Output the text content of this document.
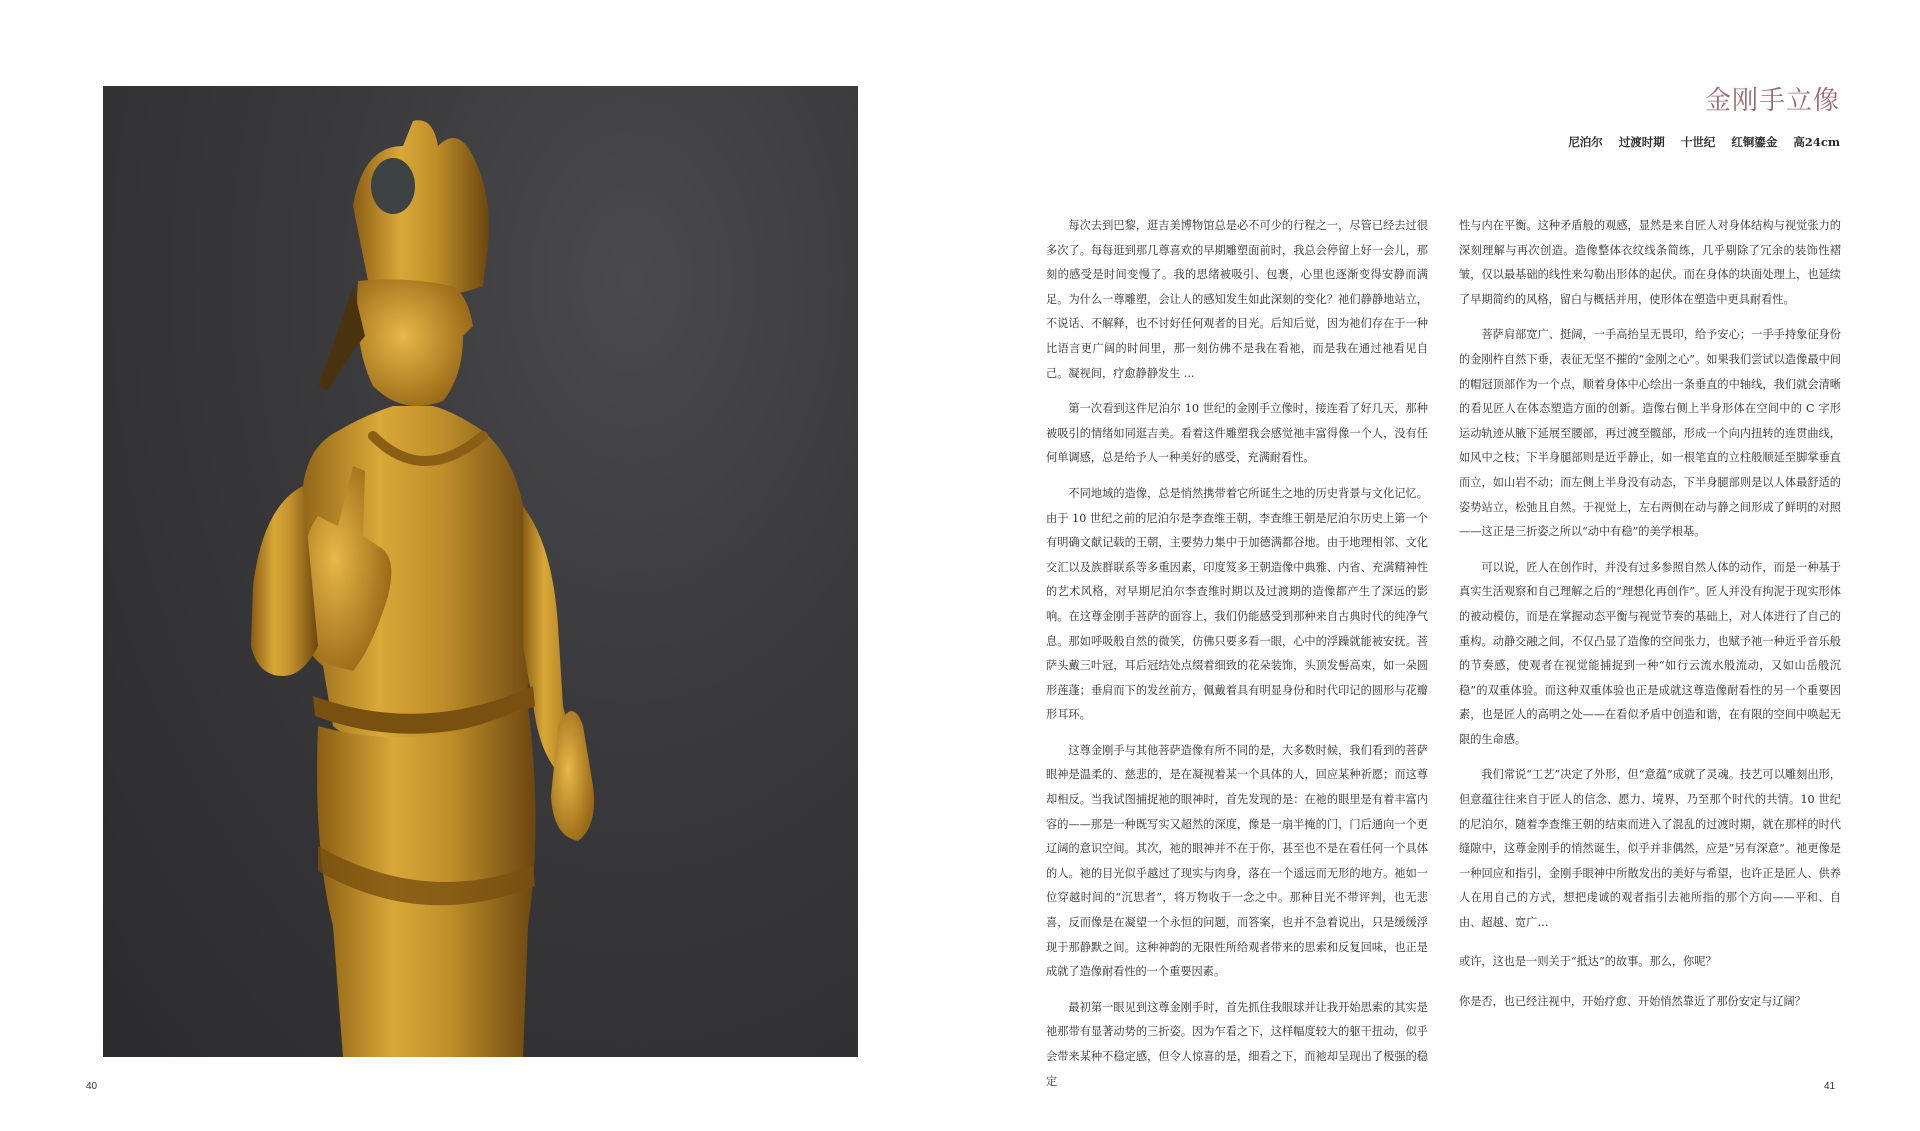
40	41
金刚手立像
尼泊尔 过渡时期 十世纪 红铜鎏金 高24cm

每次去到巴黎，逛吉美博物馆总是必不可少的行程之一，尽管已经去过很多次了。每每逛到那几尊喜欢的早期雕塑面前时，我总会停留上好一会儿，那刻的感受是时间变慢了。我的思绪被吸引、包裹，心里也逐渐变得安静而满足。为什么一尊雕塑，会让人的感知发生如此深刻的变化？祂们静静地站立，不说话、不解释，也不讨好任何观者的目光。后知后觉，因为祂们存在于一种比语言更广阔的时间里，那一刻仿佛不是我在看祂，而是我在通过祂看见自己。凝视间，疗愈静静发生 ...

第一次看到这件尼泊尔 10 世纪的金刚手立像时，接连看了好几天，那种被吸引的情绪如同逛吉美。看着这件雕塑我会感觉祂丰富得像一个人，没有任何单调感，总是给予人一种美好的感受，充满耐看性。

不同地域的造像，总是悄然携带着它所诞生之地的历史背景与文化记忆。由于 10 世纪之前的尼泊尔是李查维王朝，李查维王朝是尼泊尔历史上第一个有明确文献记载的王朝，主要势力集中于加德满都谷地。由于地理相邻、文化交汇以及族群联系等多重因素，印度笈多王朝造像中典雅、内省、充满精神性的艺术风格，对早期尼泊尔李查维时期以及过渡期的造像都产生了深远的影响。在这尊金刚手菩萨的面容上，我们仍能感受到那种来自古典时代的纯净气息。那如呼吸般自然的微笑，仿佛只要多看一眼，心中的浮躁就能被安抚。菩萨头戴三叶冠，耳后冠结处点缀着细致的花朵装饰，头顶发髻高束，如一朵圆形莲蓬；垂肩而下的发丝前方，佩戴着具有明显身份和时代印记的圆形与花瓣形耳环。

这尊金刚手与其他菩萨造像有所不同的是，大多数时候，我们看到的菩萨眼神是温柔的、慈悲的，是在凝视着某一个具体的人，回应某种祈愿；而这尊却相反。当我试图捕捉祂的眼神时，首先发现的是：在祂的眼里是有着丰富内容的——那是一种既写实又超然的深度，像是一扇半掩的门，门后通向一个更辽阔的意识空间。其次，祂的眼神并不在于你，甚至也不是在看任何一个具体的人。祂的目光似乎越过了现实与肉身，落在一个遥远而无形的地方。祂如一位穿越时间的“沉思者”，将万物收于一念之中。那种目光不带评判，也无悲喜，反而像是在凝望一个永恒的问题，而答案，也并不急着说出，只是缓缓浮现于那静默之间。这种神韵的无限性所给观者带来的思索和反复回味，也正是成就了造像耐看性的一个重要因素。

最初第一眼见到这尊金刚手时，首先抓住我眼球并让我开始思索的其实是祂那带有显著动势的三折姿。因为乍看之下，这样幅度较大的躯干扭动，似乎会带来某种不稳定感，但令人惊喜的是，细看之下，而祂却呈现出了极强的稳定

性与内在平衡。这种矛盾般的观感，显然是来自匠人对身体结构与视觉张力的深刻理解与再次创造。造像整体衣纹线条简练，几乎剔除了冗余的装饰性褶皱，仅以最基础的线性来勾勒出形体的起伏。而在身体的块面处理上，也延续了早期简约的风格，留白与概括并用，使形体在塑造中更具耐看性。

菩萨肩部宽广、挺阔，一手高抬呈无畏印，给予安心；一手手持象征身份的金刚杵自然下垂，表征无坚不摧的“金刚之心”。如果我们尝试以造像最中间的帽冠顶部作为一个点，顺着身体中心绘出一条垂直的中轴线，我们就会清晰的看见匠人在体态塑造方面的创新。造像右侧上半身形体在空间中的 C 字形运动轨迹从腋下延展至腰部，再过渡至髋部，形成一个向内扭转的连贯曲线，如风中之枝；下半身腿部则是近乎静止，如一根笔直的立柱般顺延至脚掌垂直而立，如山岩不动；而左侧上半身没有动态，下半身腿部则是以人体最舒适的姿势站立，松弛且自然。于视觉上，左右两侧在动与静之间形成了鲜明的对照——这正是三折姿之所以“动中有稳”的美学根基。

可以说，匠人在创作时，并没有过多参照自然人体的动作，而是一种基于真实生活观察和自己理解之后的“理想化再创作”。匠人并没有拘泥于现实形体的被动模仿，而是在掌握动态平衡与视觉节奏的基础上，对人体进行了自己的重构。动静交融之间，不仅凸显了造像的空间张力，也赋予祂一种近乎音乐般的节奏感，使观者在视觉能捕捉到一种“如行云流水般流动，又如山岳般沉稳”的双重体验。而这种双重体验也正是成就这尊造像耐看性的另一个重要因素，也是匠人的高明之处——在看似矛盾中创造和谐，在有限的空间中唤起无限的生命感。

我们常说“工艺”决定了外形，但“意蕴”成就了灵魂。技艺可以雕刻出形，但意蕴往往来自于匠人的信念、愿力、境界，乃至那个时代的共情。10 世纪的尼泊尔，随着李查维王朝的结束而进入了混乱的过渡时期，就在那样的时代缝隙中，这尊金刚手的悄然诞生，似乎并非偶然，应是“另有深意”。祂更像是一种回应和指引，金刚手眼神中所散发出的美好与希望，也许正是匠人、供养人在用自己的方式，想把虔诚的观者指引去祂所指的那个方向——平和、自由、超越、宽广…

或许，这也是一则关于“抵达”的故事。那么，你呢？

你是否，也已经注视中，开始疗愈、开始悄然靠近了那份安定与辽阔？
